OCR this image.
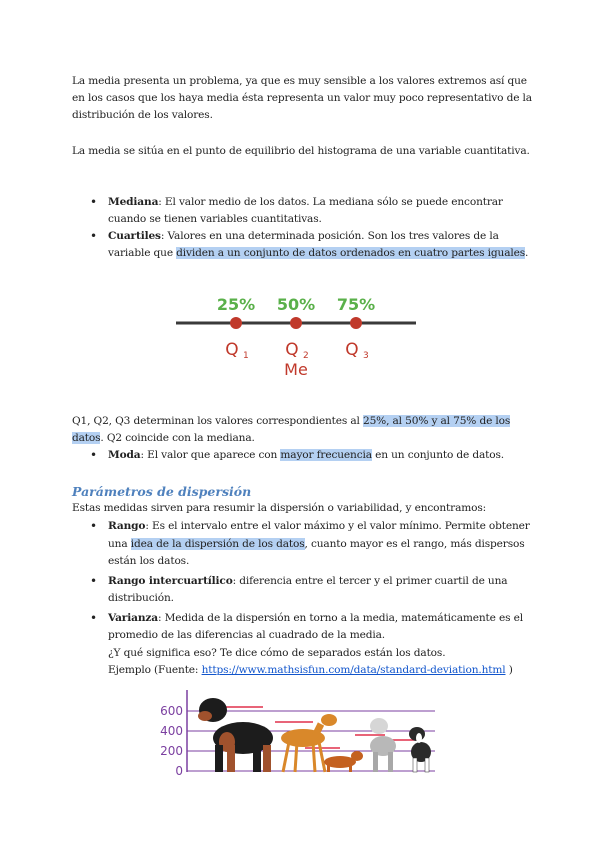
La media presenta un problema, ya que es muy sensible a los valores extremos así que en los casos que los haya media ésta representa un valor muy poco representativo de la distribución de los valores.
La media se sitúa en el punto de equilibrio del histograma de una variable cuantitativa.
• Mediana: El valor medio de los datos. La mediana sólo se puede encontrar cuando se tienen variables cuantitativas.
• Cuartiles: Valores en una determinada posición. Son los tres valores de la variable que dividen a un conjunto de datos ordenados en cuatro partes iguales.
25% 50% 75%
Q 1 Q 2 Q 3
Me
Q1, Q2, Q3 determinan los valores correspondientes al 25%, al 50% y al 75% de los datos. Q2 coincide con la mediana.
• Moda: El valor que aparece con mayor frecuencia en un conjunto de datos.
Parámetros de dispersión
Estas medidas sirven para resumir la dispersión o variabilidad, y encontramos:
• Rango: Es el intervalo entre el valor máximo y el valor mínimo. Permite obtener una idea de la dispersión de los datos, cuanto mayor es el rango, más dispersos están los datos.
• Rango intercuartílico: diferencia entre el tercer y el primer cuartil de una distribución.
• Varianza: Medida de la dispersión en torno a la media, matemáticamente es el promedio de las diferencias al cuadrado de la media.
¿Y qué significa eso? Te dice cómo de separados están los datos.
Ejemplo (Fuente: https://www.mathsisfun.com/data/standard-deviation.html )
600
400
200
0
